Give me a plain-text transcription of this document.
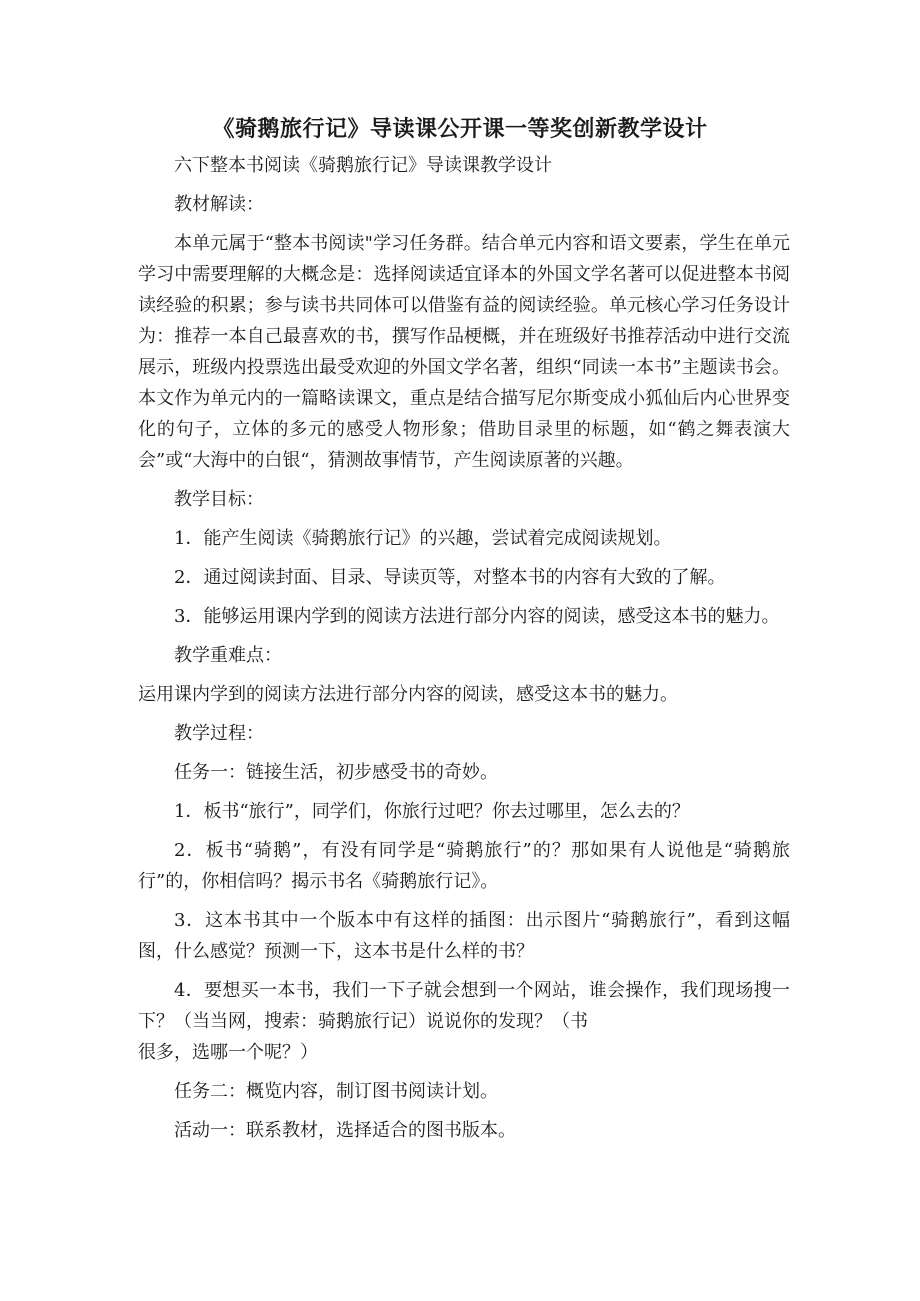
《骑鹅旅行记》导读课公开课一等奖创新教学设计

六下整本书阅读《骑鹅旅行记》导读课教学设计

教材解读：

本单元属于“整本书阅读"学习任务群。结合单元内容和语文要素，学生在单元学习中需要理解的大概念是：选择阅读适宜译本的外国文学名著可以促进整本书阅读经验的积累；参与读书共同体可以借鉴有益的阅读经验。单元核心学习任务设计为：推荐一本自己最喜欢的书，撰写作品梗概，并在班级好书推荐活动中进行交流展示，班级内投票选出最受欢迎的外国文学名著，组织“同读一本书”主题读书会。本文作为单元内的一篇略读课文，重点是结合描写尼尔斯变成小狐仙后内心世界变化的句子，立体的多元的感受人物形象；借助目录里的标题，如“鹤之舞表演大会”或“大海中的白银“，猜测故事情节，产生阅读原著的兴趣。

教学目标：

1．能产生阅读《骑鹅旅行记》的兴趣，尝试着完成阅读规划。

2．通过阅读封面、目录、导读页等，对整本书的内容有大致的了解。

3．能够运用课内学到的阅读方法进行部分内容的阅读，感受这本书的魅力。

教学重难点：

运用课内学到的阅读方法进行部分内容的阅读，感受这本书的魅力。

教学过程：

任务一：链接生活，初步感受书的奇妙。

1．板书“旅行”，同学们，你旅行过吧？你去过哪里，怎么去的？

2．板书“骑鹅”，有没有同学是“骑鹅旅行”的？那如果有人说他是“骑鹅旅行”的，你相信吗？揭示书名《骑鹅旅行记》。

3．这本书其中一个版本中有这样的插图：出示图片“骑鹅旅行”，看到这幅图，什么感觉？预测一下，这本书是什么样的书？

4．要想买一本书，我们一下子就会想到一个网站，谁会操作，我们现场搜一下？（当当网，搜索：骑鹅旅行记）说说你的发现？（书

很多，选哪一个呢？）

任务二：概览内容，制订图书阅读计划。

活动一：联系教材，选择适合的图书版本。
